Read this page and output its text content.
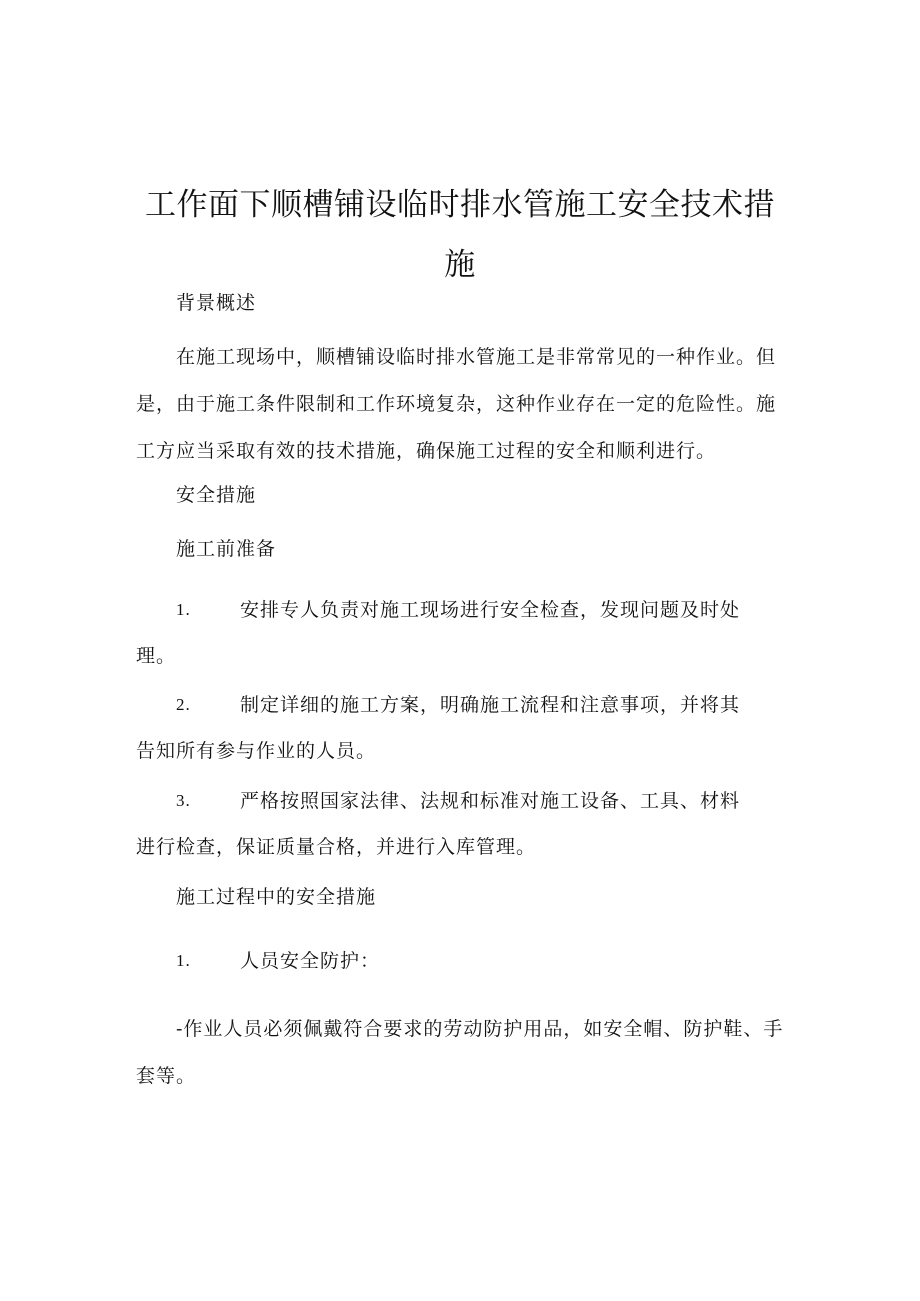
工作面下顺槽铺设临时排水管施工安全技术措
施

背景概述

在施工现场中，顺槽铺设临时排水管施工是非常常见的一种作业。但是，由于施工条件限制和工作环境复杂，这种作业存在一定的危险性。施工方应当采取有效的技术措施，确保施工过程的安全和顺利进行。

安全措施

施工前准备

1.	安排专人负责对施工现场进行安全检查，发现问题及时处
理。
2.	制定详细的施工方案，明确施工流程和注意事项，并将其
告知所有参与作业的人员。
3.	严格按照国家法律、法规和标准对施工设备、工具、材料
进行检查，保证质量合格，并进行入库管理。

施工过程中的安全措施

1.	人员安全防护：

-作业人员必须佩戴符合要求的劳动防护用品，如安全帽、防护鞋、手套等。
